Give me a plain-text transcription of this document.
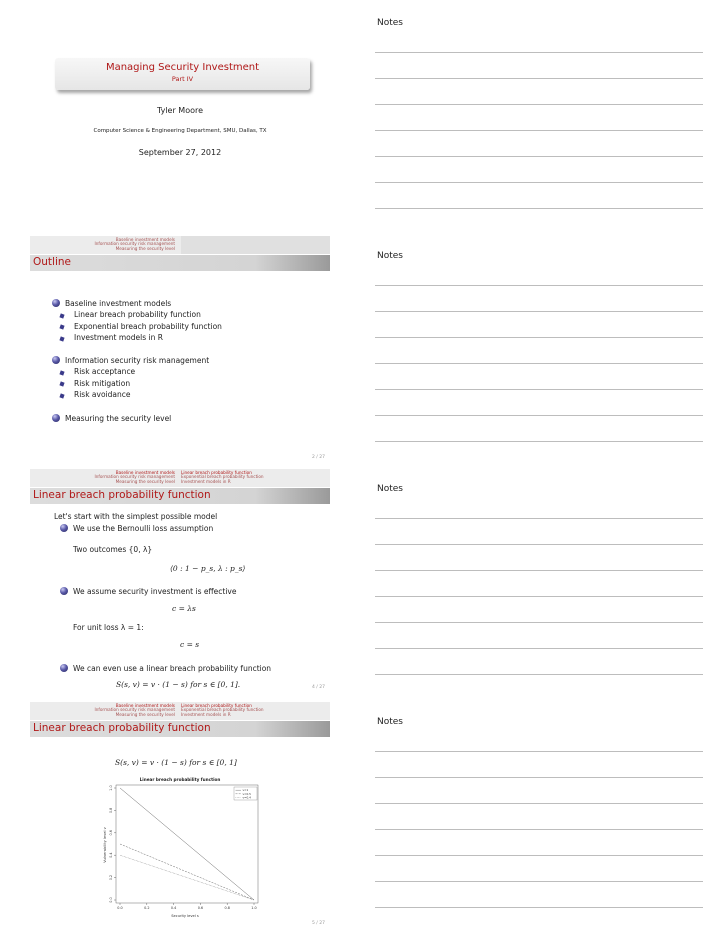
Managing Security Investment
Part IV
Tyler Moore
Computer Science & Engineering Department, SMU, Dallas, TX
September 27, 2012
Baseline investment models
Information security risk management
Measuring the security level
Outline
Baseline investment models
Linear breach probability function
Exponential breach probability function
Investment models in R
Information security risk management
Risk acceptance
Risk mitigation
Risk avoidance
Measuring the security level
2 / 27
Baseline investment models
Information security risk management
Measuring the security level
Linear breach probability function
Exponential breach probability function
Investment models in R
Linear breach probability function
Let's start with the simplest possible model
We use the Bernoulli loss assumption
Two outcomes {0, λ}
⟨0 : 1 − p_s, λ : p_s⟩
We assume security investment is effective
c = λs
For unit loss λ = 1:
c = s
We can even use a linear breach probability function
S(s, v) = v · (1 − s) for s ∈ [0, 1].	4 / 27
Baseline investment models
Information security risk management
Measuring the security level
Linear breach probability function
Exponential breach probability function
Investment models in R
Linear breach probability function
S(s, v) = v · (1 − s) for s ∈ [0, 1]
Linear breach probability function
0.0	0.2	0.4	0.6	0.8	1.0
0.0
0.2
0.4
0.6
0.8
1.0	v=1
v=0.5
v=0.4
Security level s
Vulnerability level v
5 / 27
Notes
Notes
Notes
Notes
